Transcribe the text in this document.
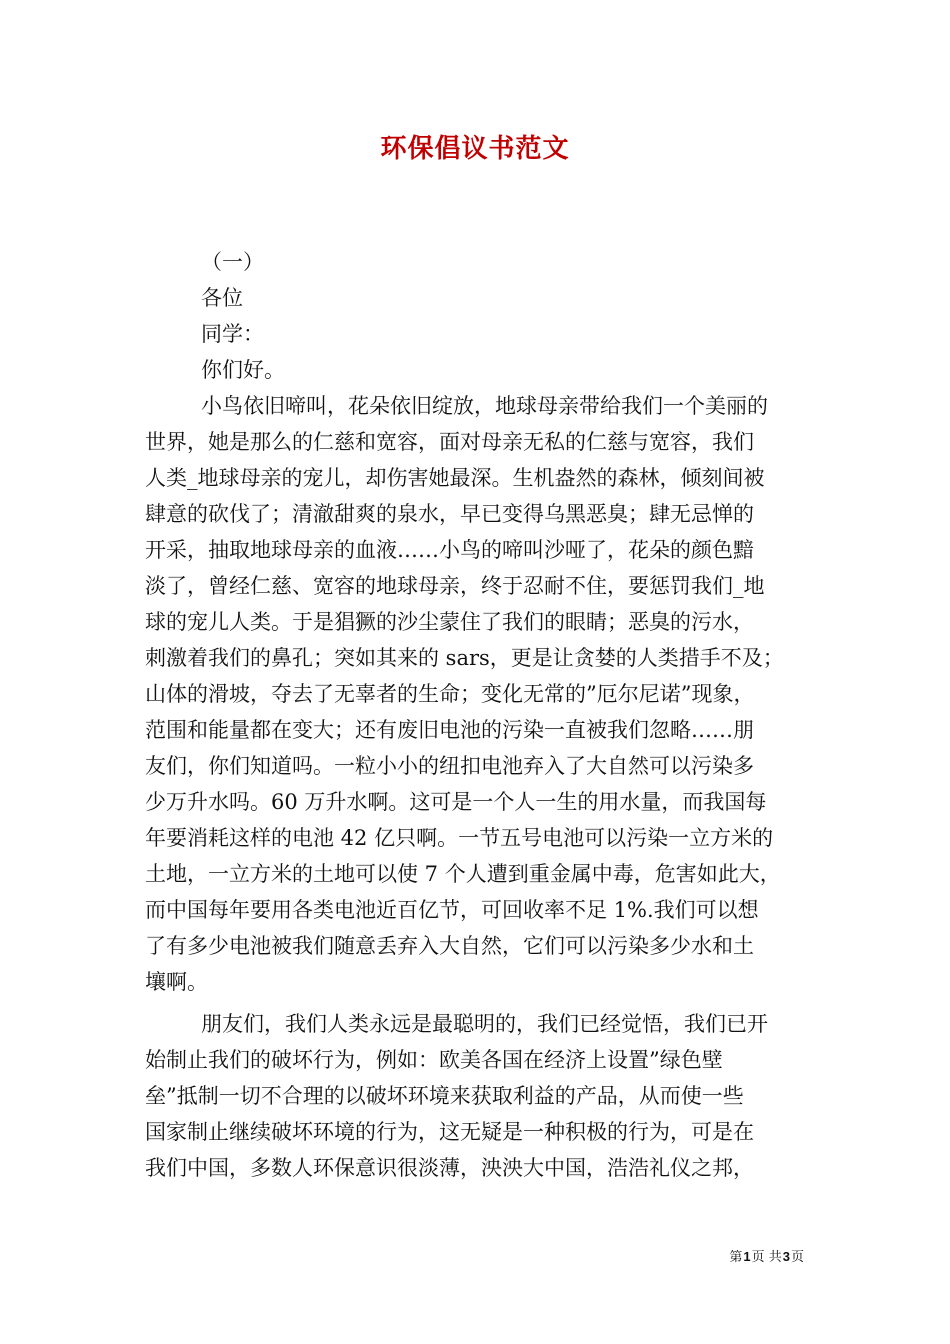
环保倡议书范文
（一）
各位
同学：
你们好。
小鸟依旧啼叫，花朵依旧绽放，地球母亲带给我们一个美丽的
世界，她是那么的仁慈和宽容，面对母亲无私的仁慈与宽容，我们
人类_地球母亲的宠儿，却伤害她最深。生机盎然的森林，倾刻间被
肆意的砍伐了；清澈甜爽的泉水，早已变得乌黑恶臭；肆无忌惮的
开采，抽取地球母亲的血液……小鸟的啼叫沙哑了，花朵的颜色黯
淡了，曾经仁慈、宽容的地球母亲，终于忍耐不住，要惩罚我们_地
球的宠儿人类。于是猖獗的沙尘蒙住了我们的眼睛；恶臭的污水，
刺激着我们的鼻孔；突如其来的 sars，更是让贪婪的人类措手不及；
山体的滑坡，夺去了无辜者的生命；变化无常的”厄尔尼诺”现象，
范围和能量都在变大；还有废旧电池的污染一直被我们忽略……朋
友们，你们知道吗。一粒小小的纽扣电池弃入了大自然可以污染多
少万升水吗。60 万升水啊。这可是一个人一生的用水量，而我国每
年要消耗这样的电池 42 亿只啊。一节五号电池可以污染一立方米的
土地，一立方米的土地可以使 7 个人遭到重金属中毒，危害如此大，
而中国每年要用各类电池近百亿节，可回收率不足 1%.我们可以想
了有多少电池被我们随意丢弃入大自然，它们可以污染多少水和土
壤啊。
朋友们，我们人类永远是最聪明的，我们已经觉悟，我们已开
始制止我们的破坏行为，例如：欧美各国在经济上设置”绿色壁
垒”抵制一切不合理的以破坏环境来获取利益的产品，从而使一些
国家制止继续破坏环境的行为，这无疑是一种积极的行为，可是在
我们中国，多数人环保意识很淡薄，泱泱大中国，浩浩礼仪之邦，
第1页 共3页
